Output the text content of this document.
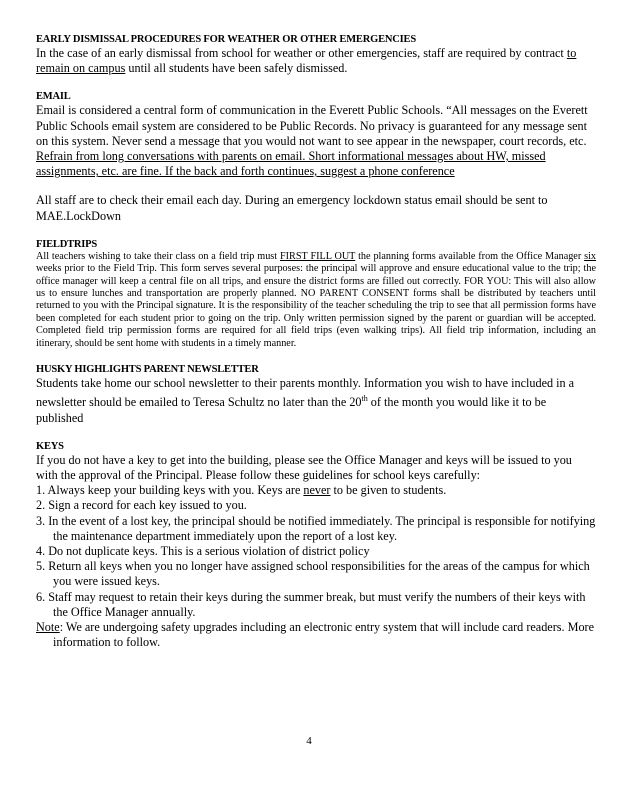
EARLY DISMISSAL PROCEDURES FOR WEATHER OR OTHER EMERGENCIES

In the case of an early dismissal from school for weather or other emergencies, staff are required by contract to remain on campus until all students have been safely dismissed.

EMAIL

Email is considered a central form of communication in the Everett Public Schools. “All messages on the Everett Public Schools email system are considered to be Public Records. No privacy is guaranteed for any message sent on this system. Never send a message that you would not want to see appear in the newspaper, court records, etc. Refrain from long conversations with parents on email. Short informational messages about HW, missed assignments, etc. are fine. If the back and forth continues, suggest a phone conference

All staff are to check their email each day. During an emergency lockdown status email should be sent to MAE.LockDown

FIELDTRIPS

All teachers wishing to take their class on a field trip must FIRST FILL OUT the planning forms available from the Office Manager six weeks prior to the Field Trip. This form serves several purposes: the principal will approve and ensure educational value to the trip; the office manager will keep a central file on all trips, and ensure the district forms are filled out correctly. FOR YOU: This will also allow us to ensure lunches and transportation are properly planned. NO PARENT CONSENT forms shall be distributed by teachers until returned to you with the Principal signature. It is the responsibility of the teacher scheduling the trip to see that all permission forms have been completed for each student prior to going on the trip. Only written permission signed by the parent or guardian will be accepted. Completed field trip permission forms are required for all field trips (even walking trips). All field trip information, including an itinerary, should be sent home with students in a timely manner.

HUSKY HIGHLIGHTS PARENT NEWSLETTER

Students take home our school newsletter to their parents monthly. Information you wish to have included in a newsletter should be emailed to Teresa Schultz no later than the 20th of the month you would like it to be published

KEYS

If you do not have a key to get into the building, please see the Office Manager and keys will be issued to you with the approval of the Principal. Please follow these guidelines for school keys carefully:

1. Always keep your building keys with you. Keys are never to be given to students.
2. Sign a record for each key issued to you.
3. In the event of a lost key, the principal should be notified immediately. The principal is responsible for notifying the maintenance department immediately upon the report of a lost key.
4. Do not duplicate keys. This is a serious violation of district policy
5. Return all keys when you no longer have assigned school responsibilities for the areas of the campus for which you were issued keys.
6. Staff may request to retain their keys during the summer break, but must verify the numbers of their keys with the Office Manager annually.

Note: We are undergoing safety upgrades including an electronic entry system that will include card readers. More information to follow.

4
